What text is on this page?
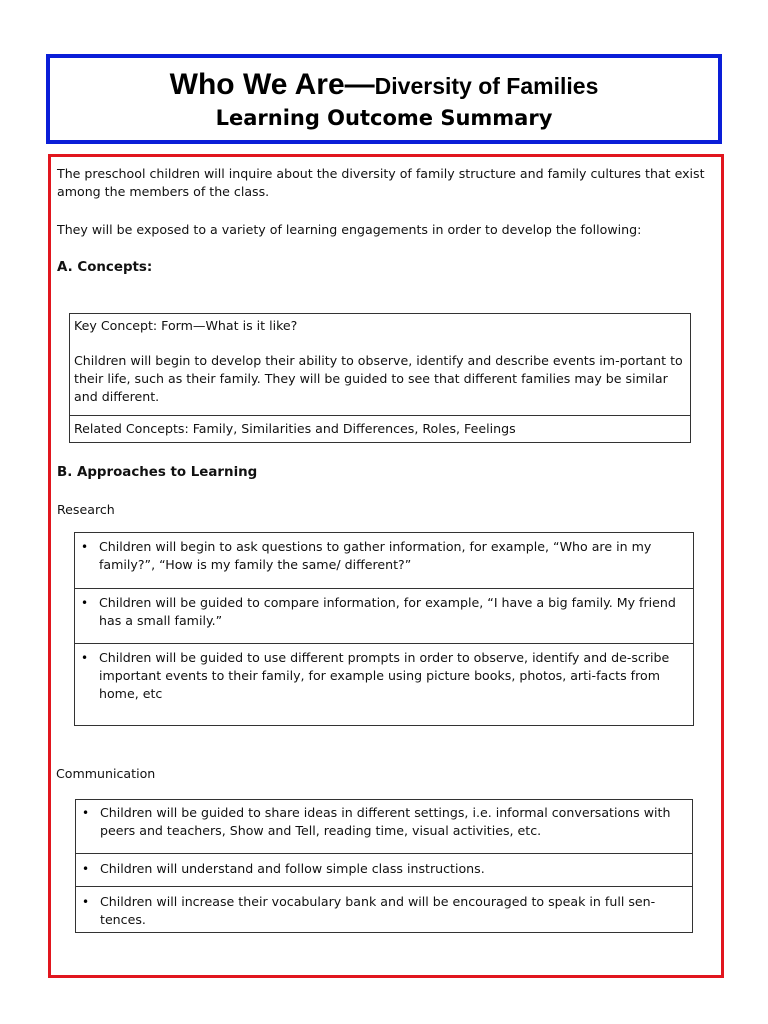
Who We Are—Diversity of Families
Learning Outcome Summary
The preschool children will inquire about the diversity of family structure and family cultures that exist among the members of the class.
They will be exposed to a variety of learning engagements in order to develop the following:
A. Concepts:
Key Concept: Form—What is it like?
Children will begin to develop their ability to observe, identify and describe events im-portant to their life, such as their family. They will be guided to see that different families may be similar and different.
Related Concepts: Family, Similarities and Differences, Roles, Feelings
B. Approaches to Learning
Research
• Children will begin to ask questions to gather information, for example, “Who are in my family?”, “How is my family the same/ different?”
• Children will be guided to compare information, for example, “I have a big family. My friend has a small family.”
• Children will be guided to use different prompts in order to observe, identify and de-scribe important events to their family, for example using picture books, photos, arti-facts from home, etc
Communication
• Children will be guided to share ideas in different settings, i.e. informal conversations with peers and teachers, Show and Tell, reading time, visual activities, etc.
• Children will understand and follow simple class instructions.
• Children will increase their vocabulary bank and will be encouraged to speak in full sen-tences.
